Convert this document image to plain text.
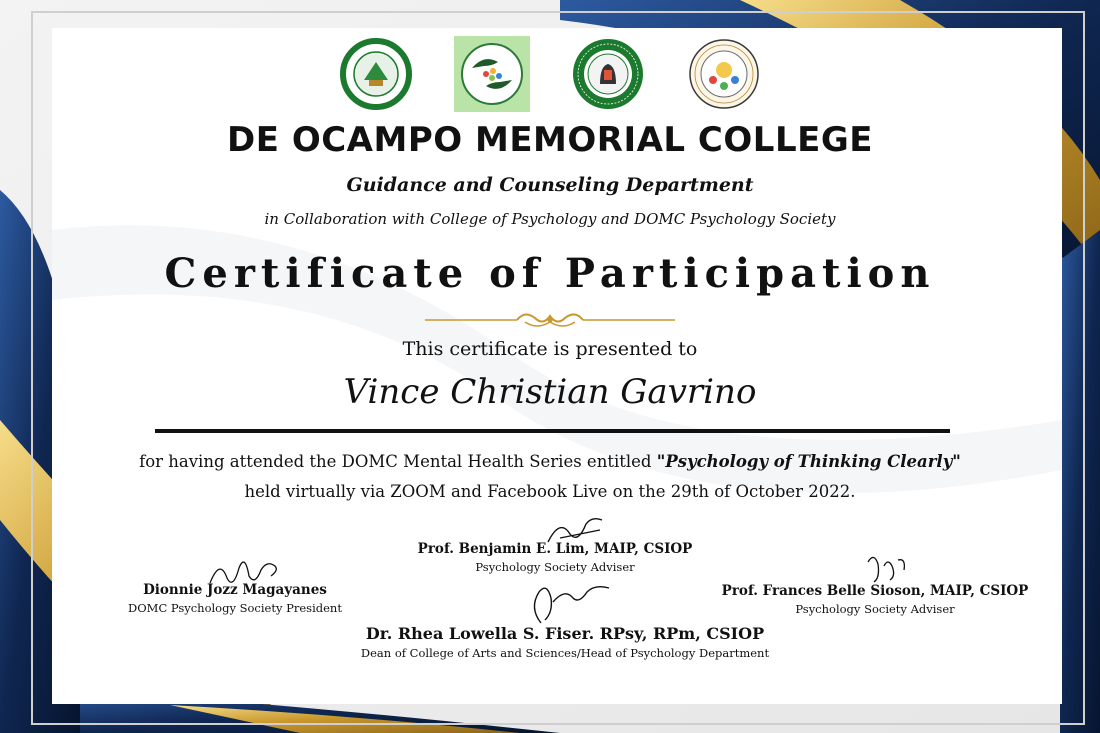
DE OCAMPO MEMORIAL COLLEGE
Guidance and Counseling Department
in Collaboration with College of Psychology and DOMC Psychology Society
Certificate of Participation
This certificate is presented to
Vince Christian Gavrino
for having attended the DOMC Mental Health Series entitled "Psychology of Thinking Clearly"
held virtually via ZOOM and Facebook Live on the 29th of October 2022.
Dionnie Jozz Magayanes
DOMC Psychology Society President
Prof. Benjamin E. Lim, MAIP, CSIOP
Psychology Society Adviser
Prof. Frances Belle Sioson, MAIP, CSIOP
Psychology Society Adviser
Dr. Rhea Lowella S. Fiser. RPsy, RPm, CSIOP
Dean of College of Arts and Sciences/Head of Psychology Department
